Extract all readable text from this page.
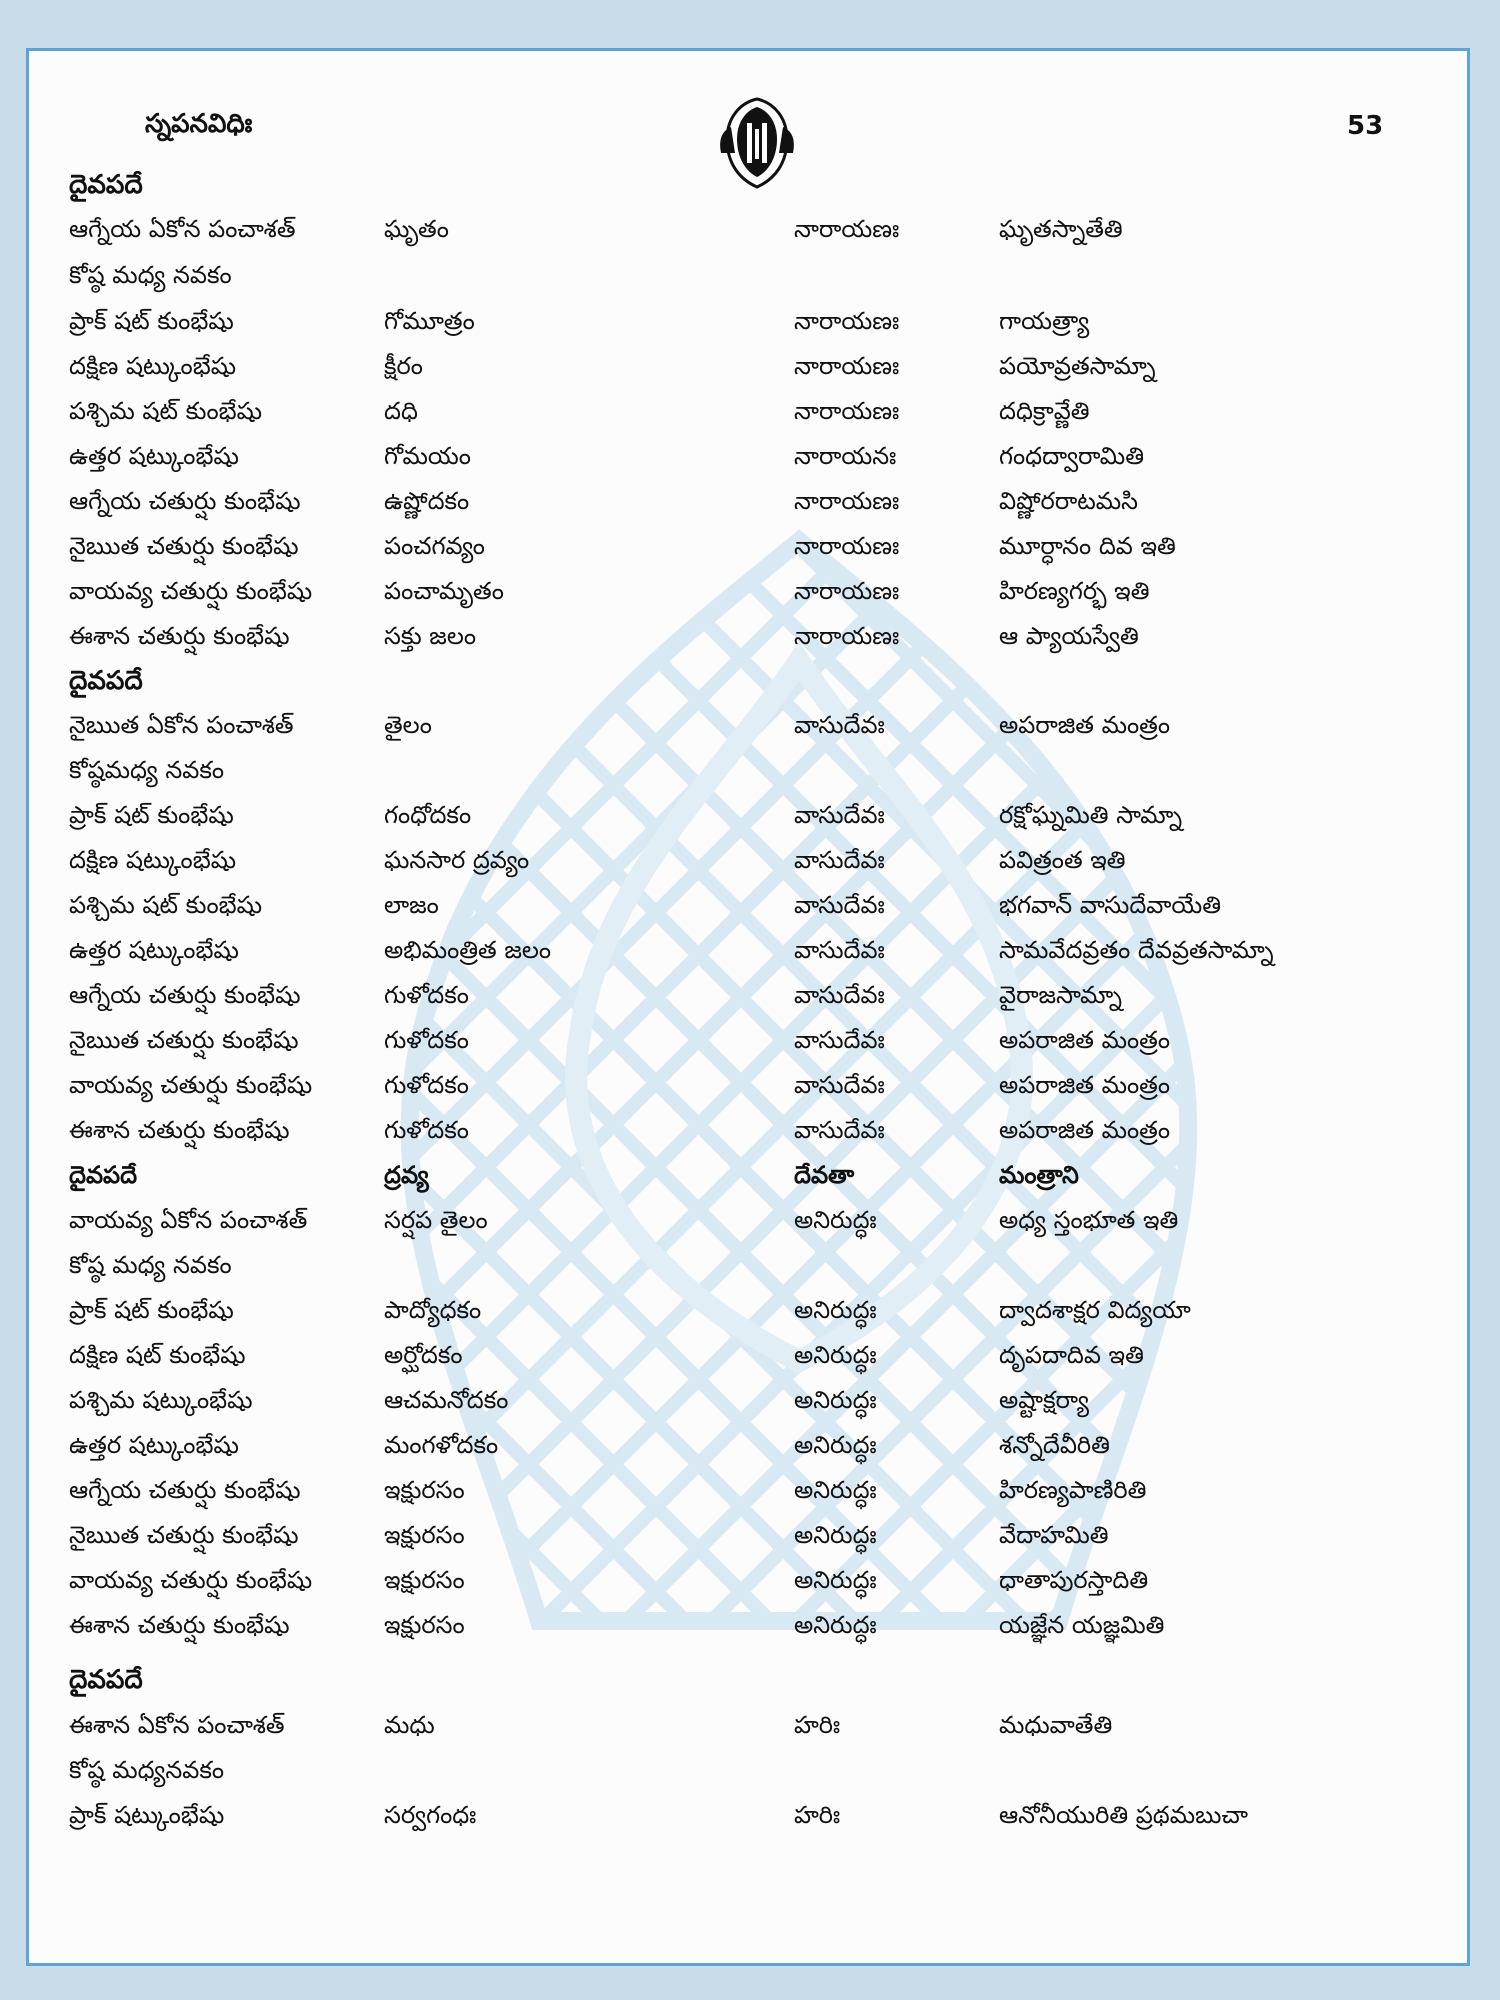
స్నపనవిధిః	53
దైవపదే
ఆగ్నేయ ఏకోన పంచాశత్	ఘృతం	నారాయణః	ఘృతస్నాతేతి
కోష్ఠ మధ్య నవకం
ప్రాక్ షట్ కుంభేషు	గోమూత్రం	నారాయణః	గాయత్ర్యా
దక్షిణ షట్కుంభేషు	క్షీరం	నారాయణః	పయోవ్రతసామ్నా
పశ్చిమ షట్ కుంభేషు	దధి	నారాయణః	దధిక్రావ్ణేతి
ఉత్తర షట్కుంభేషు	గోమయం	నారాయనః	గంధద్వారామితి
ఆగ్నేయ చతుర్షు కుంభేషు	ఉష్ణోదకం	నారాయణః	విష్ణోరరాటమసి
నైఋత చతుర్షు కుంభేషు	పంచగవ్యం	నారాయణః	మూర్ధానం దివ ఇతి
వాయవ్య చతుర్షు కుంభేషు	పంచామృతం	నారాయణః	హిరణ్యగర్భ ఇతి
ఈశాన చతుర్షు కుంభేషు	సక్తు జలం	నారాయణః	ఆ ప్యాయస్వేతి
దైవపదే
నైఋత ఏకోన పంచాశత్	తైలం	వాసుదేవః	అపరాజిత మంత్రం
కోష్ఠమధ్య నవకం
ప్రాక్ షట్ కుంభేషు	గంధోదకం	వాసుదేవః	రక్షోఘ్నమితి సామ్నా
దక్షిణ షట్కుంభేషు	ఘనసార ద్రవ్యం	వాసుదేవః	పవిత్రంత ఇతి
పశ్చిమ షట్ కుంభేషు	లాజం	వాసుదేవః	భగవాన్ వాసుదేవాయేతి
ఉత్తర షట్కుంభేషు	అభిమంత్రిత జలం	వాసుదేవః	సామవేదవ్రతం దేవవ్రతసామ్నా
ఆగ్నేయ చతుర్షు కుంభేషు	గుళోదకం	వాసుదేవః	వైరాజసామ్నా
నైఋత చతుర్షు కుంభేషు	గుళోదకం	వాసుదేవః	అపరాజిత మంత్రం
వాయవ్య చతుర్షు కుంభేషు	గుళోదకం	వాసుదేవః	అపరాజిత మంత్రం
ఈశాన చతుర్షు కుంభేషు	గుళోదకం	వాసుదేవః	అపరాజిత మంత్రం
దైవపదే	ద్రవ్య	దేవతా	మంత్రాని
వాయవ్య ఏకోన పంచాశత్	సర్షప తైలం	అనిరుద్ధః	అధ్య స్తంభూత ఇతి
కోష్ఠ మధ్య నవకం
ప్రాక్ షట్ కుంభేషు	పాద్యోధకం	అనిరుద్ధః	ద్వాదశాక్షర విద్యయా
దక్షిణ షట్ కుంభేషు	అర్ఘోదకం	అనిరుద్ధః	దృపదాదివ ఇతి
పశ్చిమ షట్కుంభేషు	ఆచమనోదకం	అనిరుద్ధః	అష్టాక్షర్యా
ఉత్తర షట్కుంభేషు	మంగళోదకం	అనిరుద్ధః	శన్నోదేవీరితి
ఆగ్నేయ చతుర్షు కుంభేషు	ఇక్షురసం	అనిరుద్ధః	హిరణ్యపాణిరితి
నైఋత చతుర్షు కుంభేషు	ఇక్షురసం	అనిరుద్ధః	వేదాహమితి
వాయవ్య చతుర్షు కుంభేషు	ఇక్షురసం	అనిరుద్ధః	ధాతాపురస్తాదితి
ఈశాన చతుర్షు కుంభేషు	ఇక్షురసం	అనిరుద్ధః	యజ్ఞేన యజ్ఞమితి
దైవపదే
ఈశాన ఏకోన పంచాశత్	మధు	హరిః	మధువాతేతి
కోష్ఠ మధ్యనవకం
ప్రాక్ షట్కుంభేషు	సర్వగంధః	హరిః	ఆనోనీయురితి ప్రథమబుచా
